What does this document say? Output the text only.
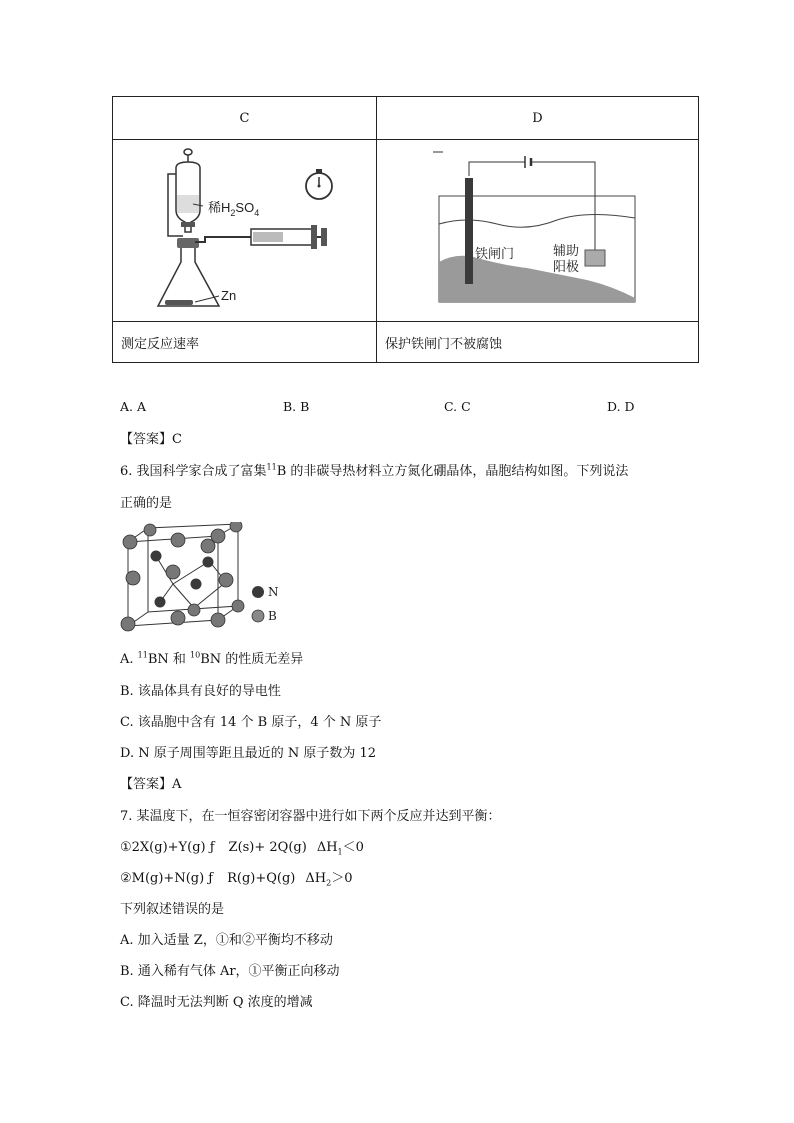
C	D

稀$H_2SO_4$
Zn	铁闸门 辅助
阳极

测定反应速率	保护铁闸门不被腐蚀
A. A	B. B	C. C	D. D
【答案】C
6. 我国科学家合成了富集$^{11}$B 的非碳导热材料立方氮化硼晶体，晶胞结构如图。下列说法
正确的是
N
B
A. $^{11}$BN 和 $^{10}$BN 的性质无差异
B. 该晶体具有良好的导电性
C. 该晶胞中含有 14 个 B 原子，4 个 N 原子
D. N 原子周围等距且最近的 N 原子数为 12
【答案】A
7. 某温度下，在一恒容密闭容器中进行如下两个反应并达到平衡：
①2X(g)+Y(g) ƒ Z(s)+ 2Q(g) $\Delta H_1<0$
②M(g)+N(g) ƒ R(g)+Q(g) $\Delta H_2>0$
下列叙述错误的是
A. 加入适量 Z，①和②平衡均不移动
B. 通入稀有气体 Ar，①平衡正向移动
C. 降温时无法判断 Q 浓度的增减
